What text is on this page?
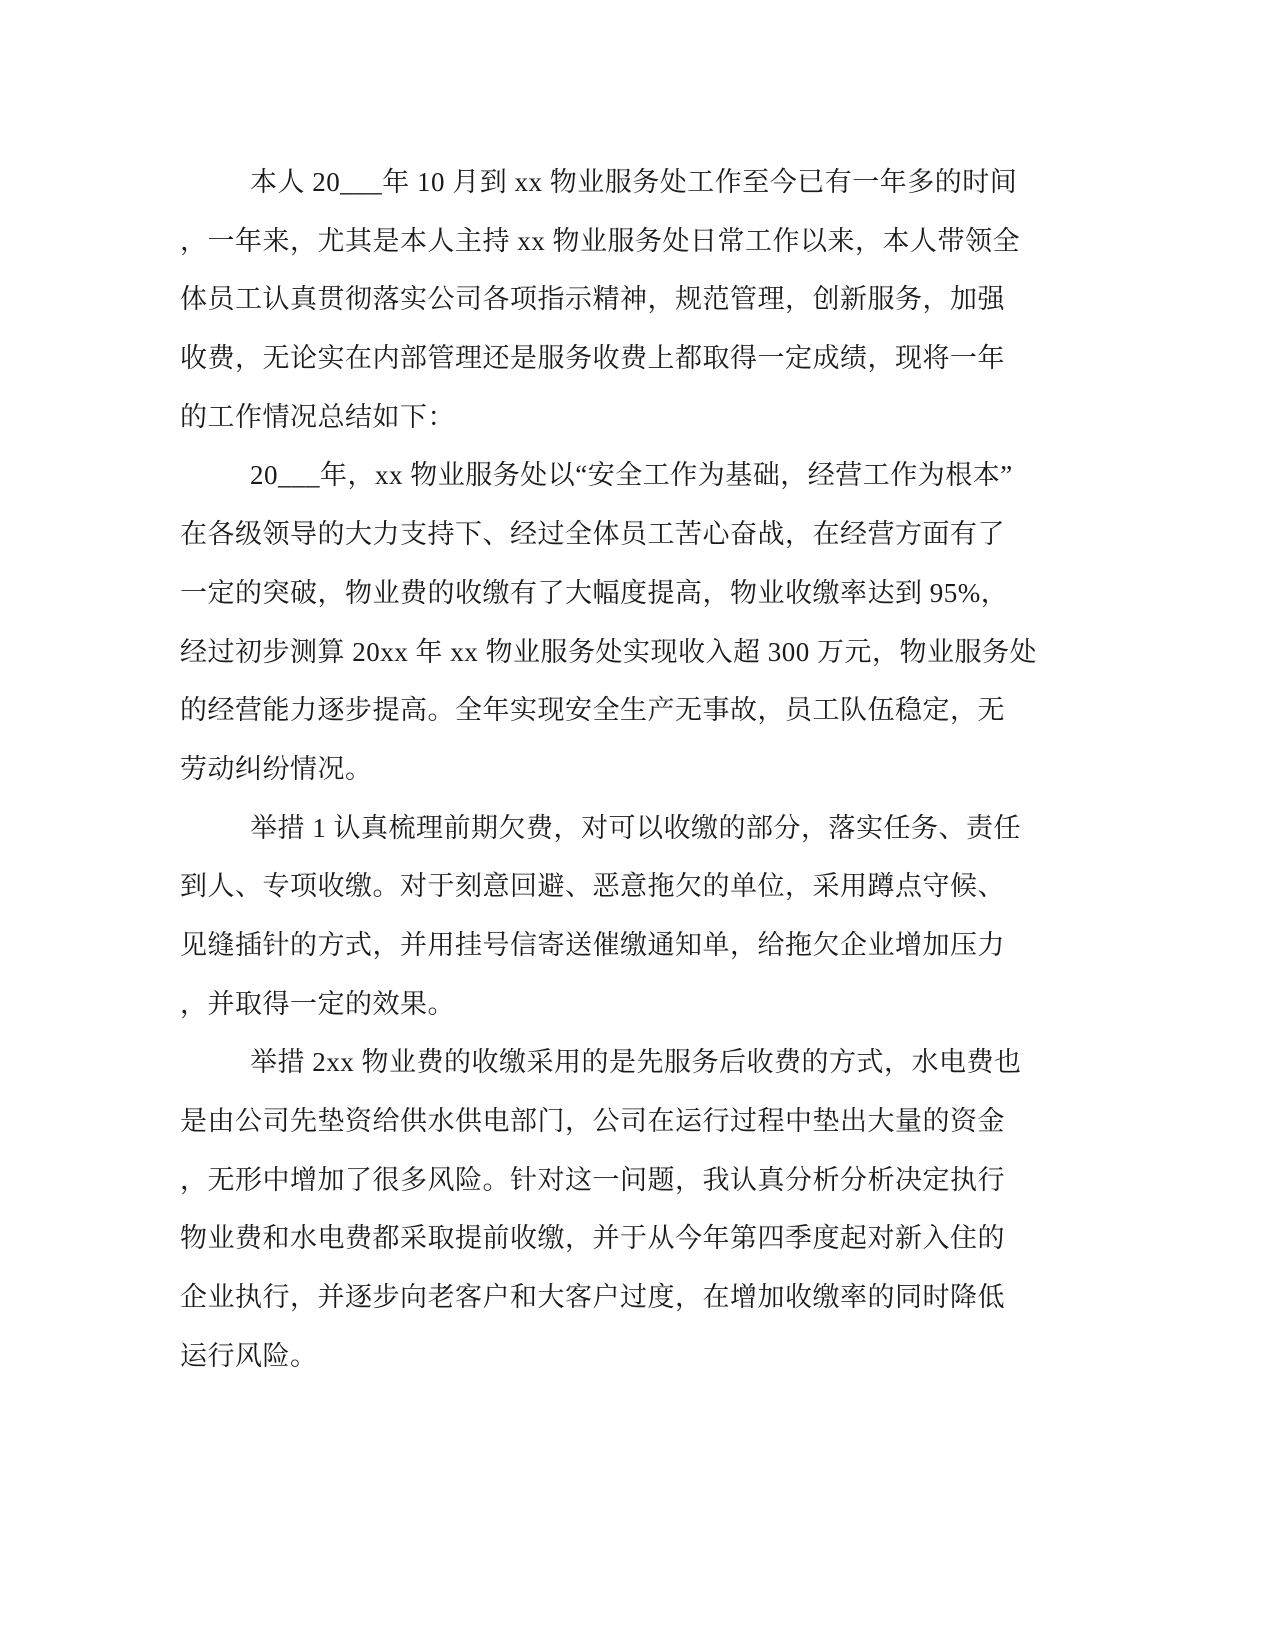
本人 20___年 10 月到 xx 物业服务处工作至今已有一年多的时间
，一年来，尤其是本人主持 xx 物业服务处日常工作以来，本人带领全
体员工认真贯彻落实公司各项指示精神，规范管理，创新服务，加强
收费，无论实在内部管理还是服务收费上都取得一定成绩，现将一年
的工作情况总结如下：
20___年，xx 物业服务处以“安全工作为基础，经营工作为根本”
在各级领导的大力支持下、经过全体员工苦心奋战，在经营方面有了
一定的突破，物业费的收缴有了大幅度提高，物业收缴率达到 95%，
经过初步测算 20xx 年 xx 物业服务处实现收入超 300 万元，物业服务处
的经营能力逐步提高。全年实现安全生产无事故，员工队伍稳定，无
劳动纠纷情况。
举措 1 认真梳理前期欠费，对可以收缴的部分，落实任务、责任
到人、专项收缴。对于刻意回避、恶意拖欠的单位，采用蹲点守候、
见缝插针的方式，并用挂号信寄送催缴通知单，给拖欠企业增加压力
，并取得一定的效果。
举措 2xx 物业费的收缴采用的是先服务后收费的方式，水电费也
是由公司先垫资给供水供电部门，公司在运行过程中垫出大量的资金
，无形中增加了很多风险。针对这一问题，我认真分析分析决定执行
物业费和水电费都采取提前收缴，并于从今年第四季度起对新入住的
企业执行，并逐步向老客户和大客户过度，在增加收缴率的同时降低
运行风险。
